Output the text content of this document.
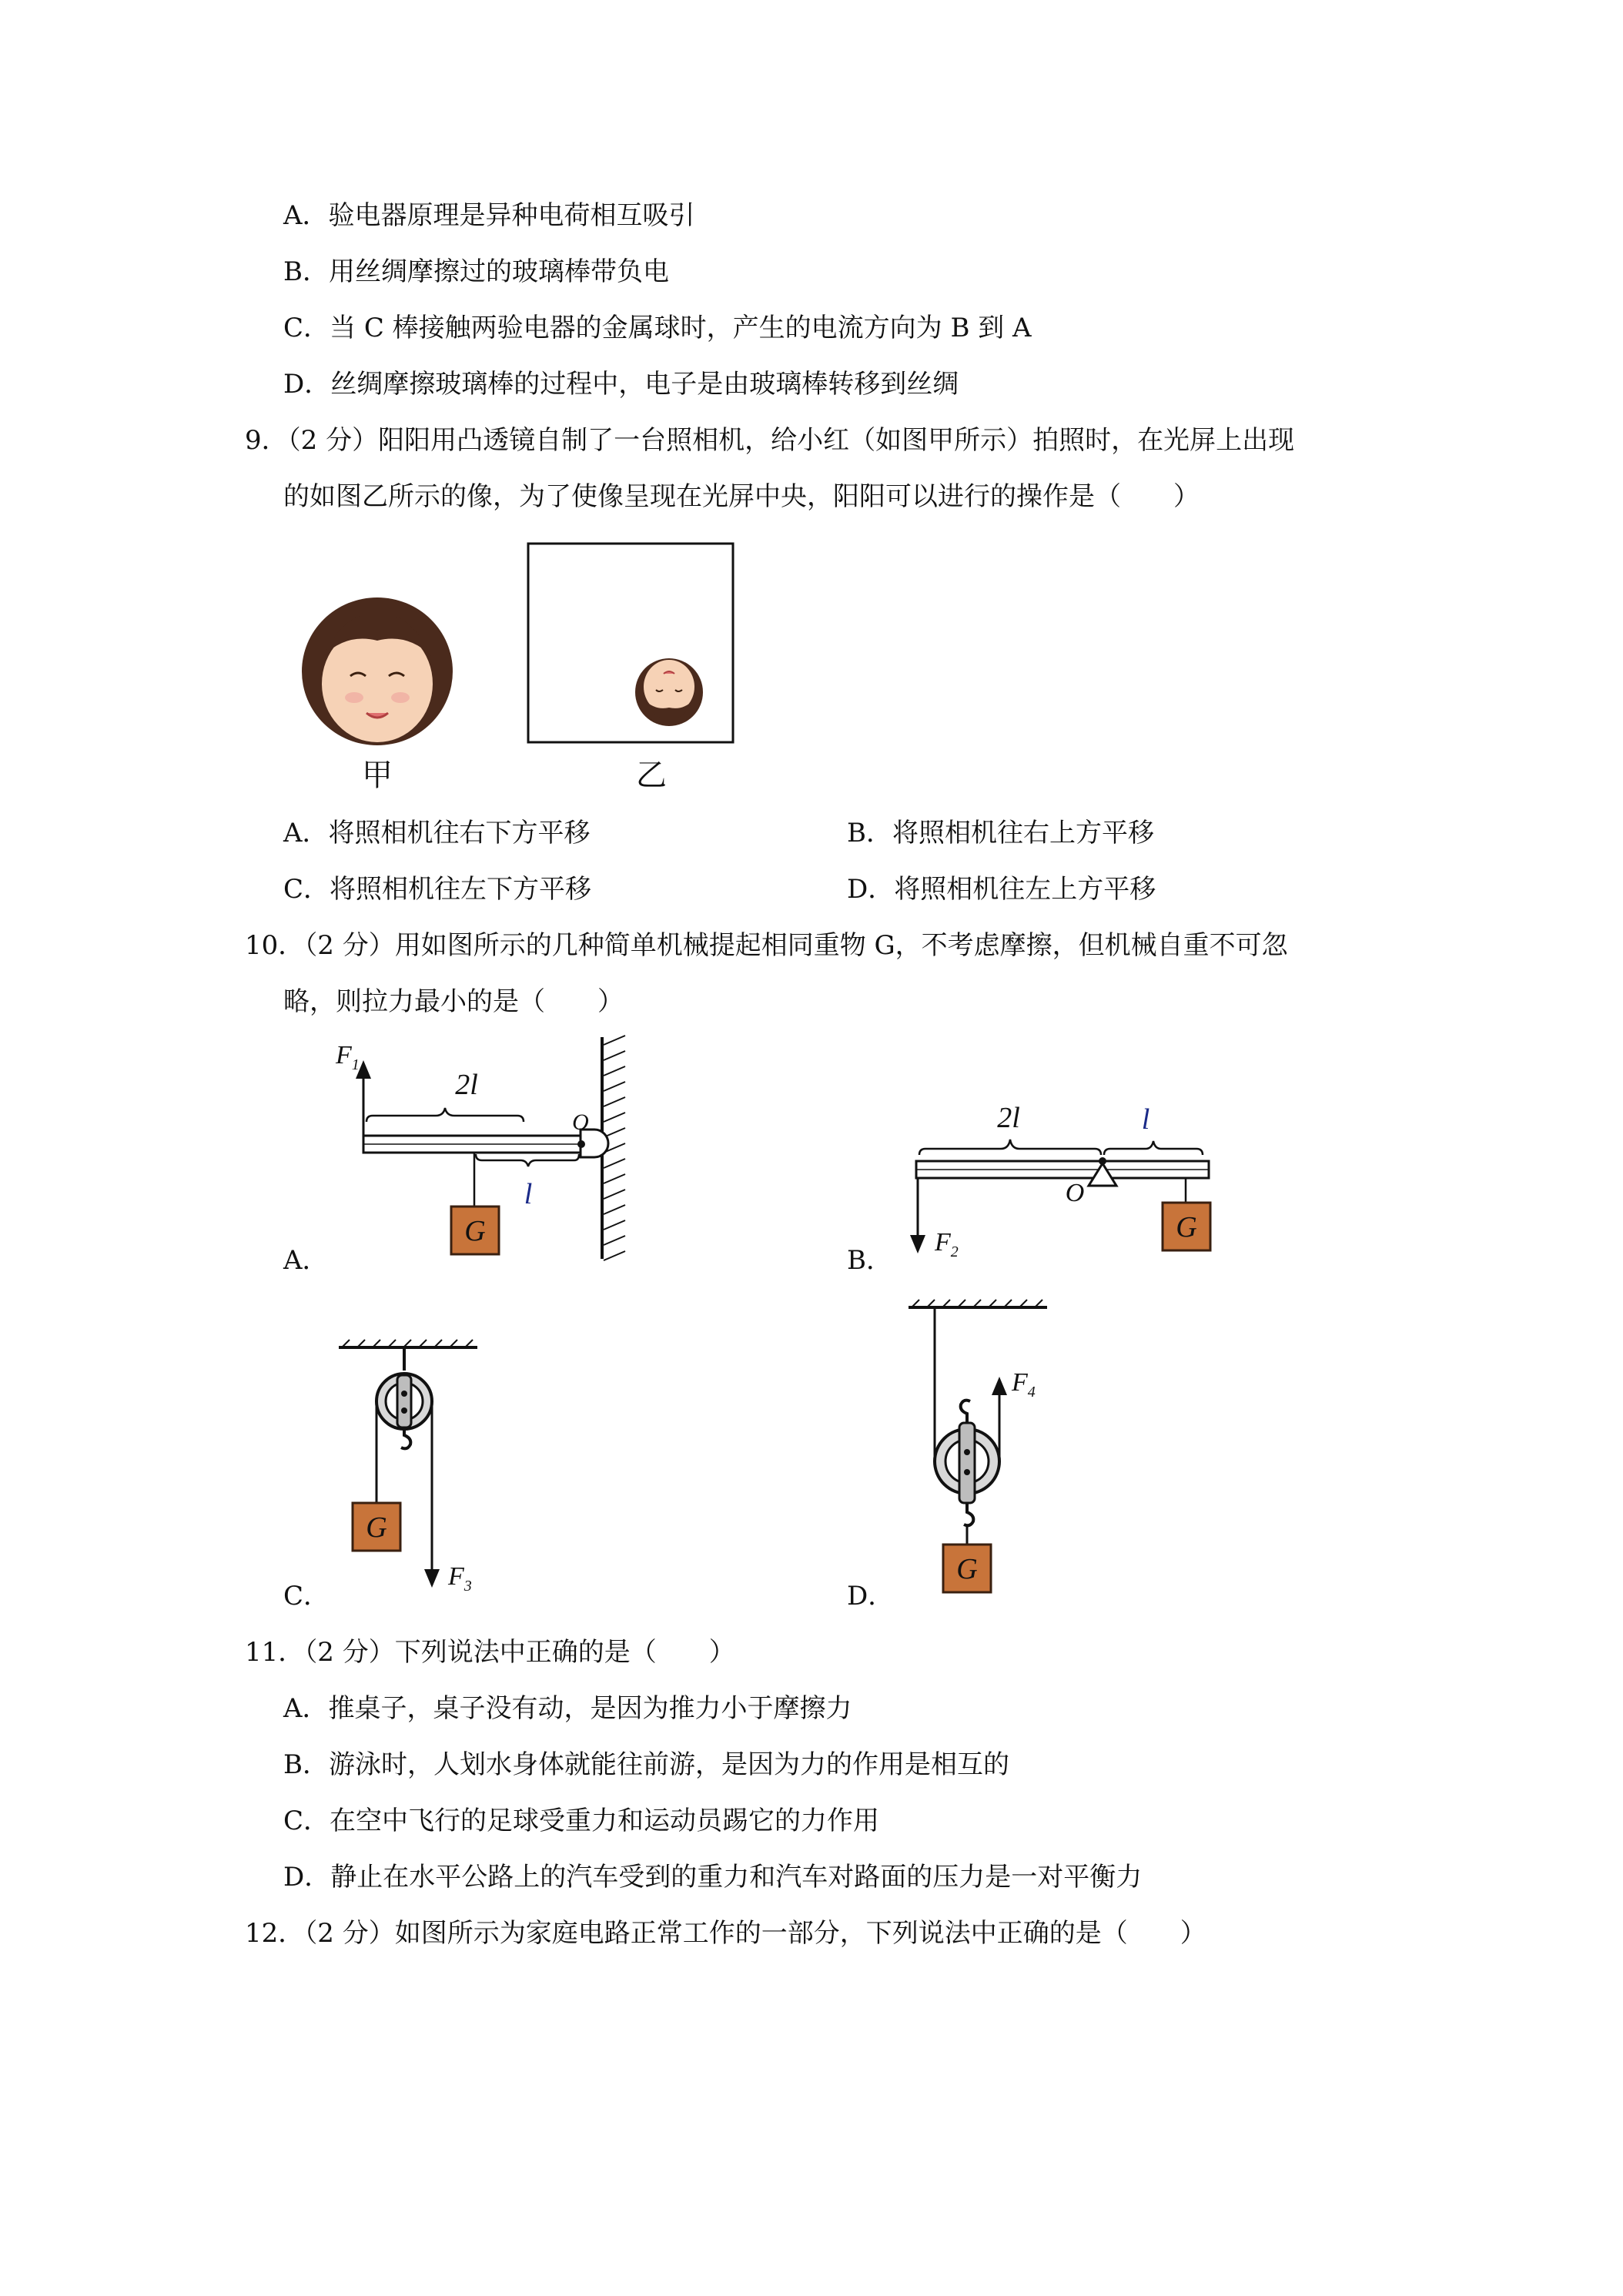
A．验电器原理是异种电荷相互吸引
B．用丝绸摩擦过的玻璃棒带负电
C．当 C 棒接触两验电器的金属球时，产生的电流方向为 B 到 A
D．丝绸摩擦玻璃棒的过程中，电子是由玻璃棒转移到丝绸
9．（2 分）阳阳用凸透镜自制了一台照相机，给小红（如图甲所示）拍照时，在光屏上出现
的如图乙所示的像，为了使像呈现在光屏中央，阳阳可以进行的操作是（　　）
甲	乙
A．将照相机往右下方平移	B．将照相机往右上方平移
C．将照相机往左下方平移	D．将照相机往左上方平移
10．（2 分）用如图所示的几种简单机械提起相同重物 G，不考虑摩擦，但机械自重不可忽
略，则拉力最小的是（　　）
G
O
2l
l
$F_1$
A．
G
O
2l	l
$F_2$
B．
G
$F_3$
C．
G
$F_4$
D．
11．（2 分）下列说法中正确的是（　　）
A．推桌子，桌子没有动，是因为推力小于摩擦力
B．游泳时，人划水身体就能往前游，是因为力的作用是相互的
C．在空中飞行的足球受重力和运动员踢它的力作用
D．静止在水平公路上的汽车受到的重力和汽车对路面的压力是一对平衡力
12．（2 分）如图所示为家庭电路正常工作的一部分，下列说法中正确的是（　　）
